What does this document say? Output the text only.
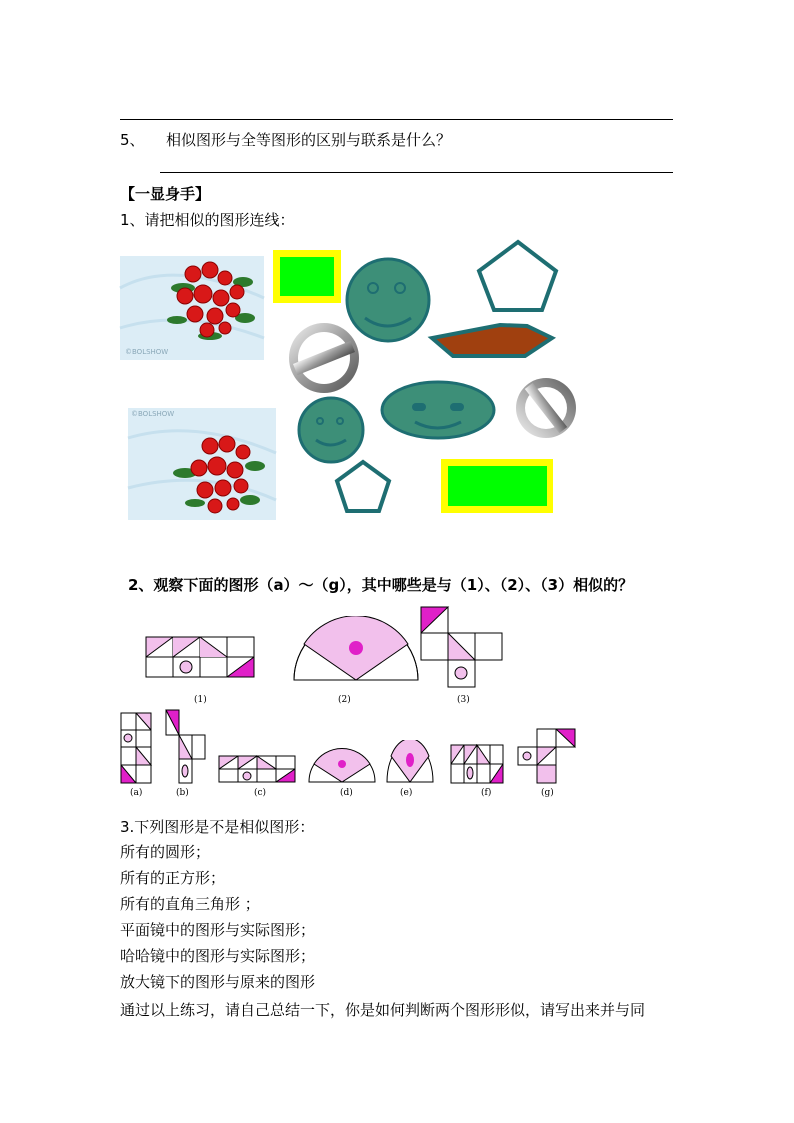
5、 相似图形与全等图形的区别与联系是什么？
【一显身手】
1、请把相似的图形连线：
©BOLSHOW
©BOLSHOW
2、观察下面的图形（a）～（g），其中哪些是与（1）、（2）、（3）相似的？
(1)	(2)	(3)
(a)	(b)	(c)	(d)	(e)	(f)	(g)
3.下列图形是不是相似图形：
所有的圆形；
所有的正方形；
所有的直角三角形 ；
平面镜中的图形与实际图形；
哈哈镜中的图形与实际图形；
放大镜下的图形与原来的图形
通过以上练习，请自己总结一下，你是如何判断两个图形形似，请写出来并与同
